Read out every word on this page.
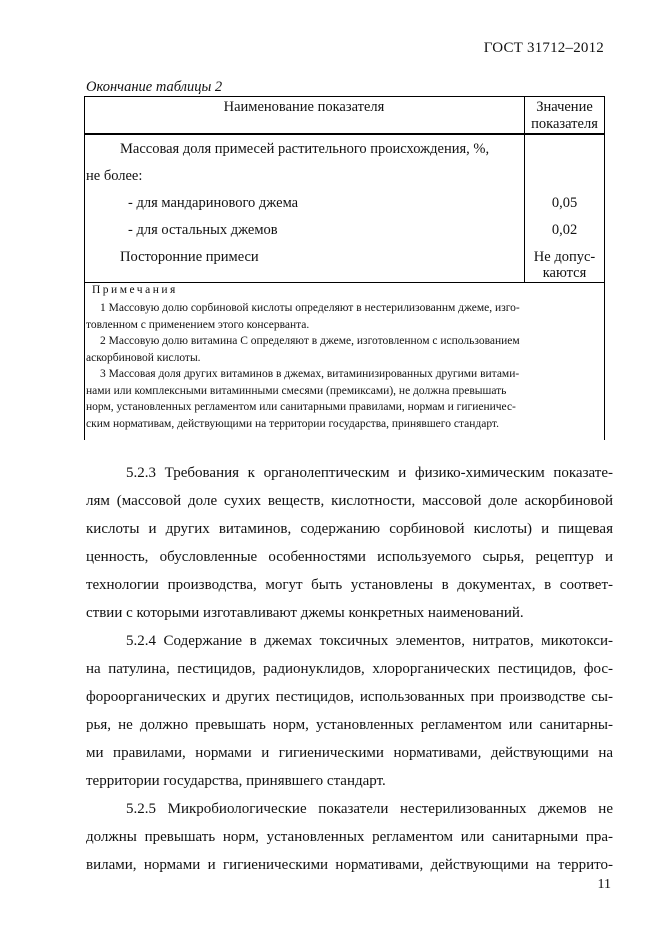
ГОСТ 31712–2012
Окончание таблицы 2
Наименование показателя	Значение
показателя
Массовая доля примесей растительного происхождения, %,
не более:
- для мандаринового джема	0,05
- для остальных джемов	0,02
Посторонние примеси	Не допус-
каются
Примечания
1 Массовую долю сорбиновой кислоты определяют в нестерилизованнм джеме, изго-
товленном с применением этого консерванта.
2 Массовую долю витамина С определяют в джеме, изготовленном с использованием
аскорбиновой кислоты.
3 Массовая доля других витаминов в джемах, витаминизированных другими витами-
нами или комплексными витаминными смесями (премиксами), не должна превышать
норм, установленных регламентом или санитарными правилами, нормам и гигиеничес-
ским нормативам, действующими на территории государства, принявшего стандарт.
5.2.3 Требования к органолептическим и физико-химическим показате-
лям (массовой доле сухих веществ, кислотности, массовой доле аскорбиновой
кислоты и других витаминов, содержанию сорбиновой кислоты) и пищевая
ценность, обусловленные особенностями используемого сырья, рецептур и
технологии производства, могут быть установлены в документах, в соответ-
ствии с которыми изготавливают джемы конкретных наименований.
5.2.4 Содержание в джемах токсичных элементов, нитратов, микотокси-
на патулина, пестицидов, радионуклидов, хлорорганических пестицидов, фос-
фороорганических и других пестицидов, использованных при производстве сы-
рья, не должно превышать норм, установленных регламентом или санитарны-
ми правилами, нормами и гигиеническими нормативами, действующими на
территории государства, принявшего стандарт.
5.2.5 Микробиологические показатели нестерилизованных джемов не
должны превышать норм, установленных регламентом или санитарными пра-
вилами, нормами и гигиеническими нормативами, действующими на террито-
11
